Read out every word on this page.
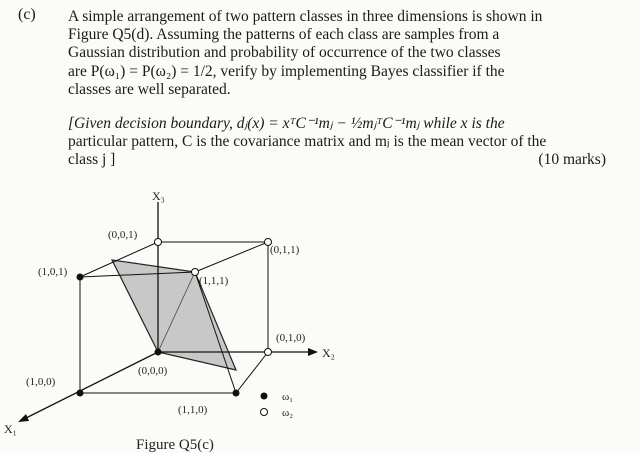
(c) A simple arrangement of two pattern classes in three dimensions is shown in
Figure Q5(d). Assuming the patterns of each class are samples from a
Gaussian distribution and probability of occurrence of the two classes
are P(ω₁) = P(ω₂) = 1/2, verify by implementing Bayes classifier if the
classes are well separated.
[Given decision boundary, dⱼ(x) = xᵀC⁻¹mⱼ − ½mⱼᵀC⁻¹mⱼ while x is the
particular pattern, C is the covariance matrix and mⱼ is the mean vector of the
class j ]	(10 marks)
X₃
X₂
X₁
(0,0,1)
(0,1,1)
(1,0,1)
(1,1,1)
(0,1,0)
(0,0,0)
(1,0,0)
(1,1,0)
ω₁
ω₂
Figure Q5(c)
